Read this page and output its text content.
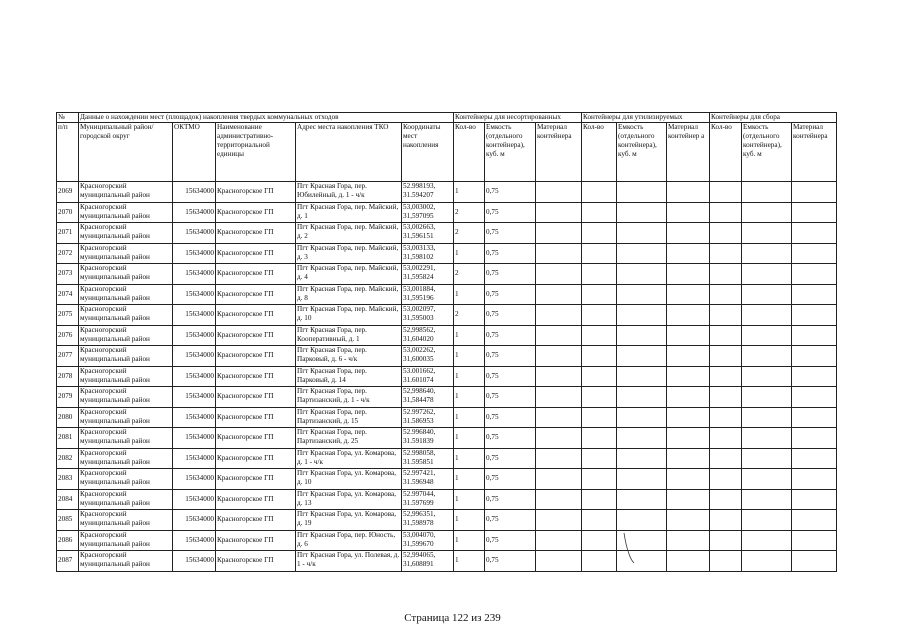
№	Данные о нахождении мест (площадок) накопления твердых коммунальных отходов					Контейнеры для несортированных			Контейнеры для утилизируемых			Контейнеры для сбора		
п/п	Муниципальный район/городской округ	ОКТМО	Наименование административно-территориальной единицы	Адрес места накопления ТКО	Координаты мест накопления	Кол-во	Емкость (отдельного контейнера), куб. м	Материал контейнера	Кол-во	Емкость (отдельного контейнера), куб. м	Материал контейнер а	Кол-во	Емкость (отдельного контейнера), куб. м	Материал контейнера
2069	Красногорский муниципальный район	15634000	Красногорское ГП	Пгт Красная Гора, пер. Юбилейный, д. 1 - ч/к	52.998193, 31.594207	1	0,75							
2070	Красногорский муниципальный район	15634000	Красногорское ГП	Пгт Красная Гора, пер. Майский, д. 1	53,003002, 31,597095	2	0,75							
2071	Красногорский муниципальный район	15634000	Красногорское ГП	Пгт Красная Гора, пер. Майский, д. 2	53,002663, 31,596151	2	0,75							
2072	Красногорский муниципальный район	15634000	Красногорское ГП	Пгт Красная Гора, пер. Майский, д. 3	53,003133, 31,598102	1	0,75							
2073	Красногорский муниципальный район	15634000	Красногорское ГП	Пгт Красная Гора, пер. Майский, д. 4	53,002291, 31,595824	2	0,75							
2074	Красногорский муниципальный район	15634000	Красногорское ГП	Пгт Красная Гора, пер. Майский, д. 8	53,001884, 31,595196	1	0,75							
2075	Красногорский муниципальный район	15634000	Красногорское ГП	Пгт Красная Гора, пер. Майский, д. 10	53,002097, 31,595003	2	0,75							
2076	Красногорский муниципальный район	15634000	Красногорское ГП	Пгт Красная Гора, пер. Кооперативный, д. 1	52,998562, 31,604020	1	0,75							
2077	Красногорский муниципальный район	15634000	Красногорское ГП	Пгт Красная Гора, пер. Парковый, д. 6 - ч/к	53,002262, 31,600035	1	0,75							
2078	Красногорский муниципальный район	15634000	Красногорское ГП	Пгт Красная Гора, пер. Парковый, д. 14	53.001662, 31.601074	1	0,75							
2079	Красногорский муниципальный район	15634000	Красногорское ГП	Пгт Красная Гора, пер. Партизанский, д. 1 - ч/к	52,998640, 31,584478	1	0,75							
2080	Красногорский муниципальный район	15634000	Красногорское ГП	Пгт Красная Гора, пер. Партизанский, д. 15	52.997262, 31.586953	1	0,75							
2081	Красногорский муниципальный район	15634000	Красногорское ГП	Пгт Красная Гора, пер. Партизанский, д. 25	52.996840, 31.591839	1	0,75							
2082	Красногорский муниципальный район	15634000	Красногорское ГП	Пгт Красная Гора, ул. Комарова, д. 1 - ч/к	52.998058, 31.595851	1	0,75							
2083	Красногорский муниципальный район	15634000	Красногорское ГП	Пгт Красная Гора, ул. Комарова, д. 10	52.997421, 31.596948	1	0,75							
2084	Красногорский муниципальный район	15634000	Красногорское ГП	Пгт Красная Гора, ул. Комарова, д. 13	52.997044, 31.597699	1	0,75							
2085	Красногорский муниципальный район	15634000	Красногорское ГП	Пгт Красная Гора, ул. Комарова, д. 19	52,996351, 31,598978	1	0,75							
2086	Красногорский муниципальный район	15634000	Красногорское ГП	Пгт Красная Гора, пер. Юность, д. 6	53,004070, 31,599670	1	0,75							
2087	Красногорский муниципальный район	15634000	Красногорское ГП	Пгт Красная Гора, ул. Полевая, д. 1 - ч/к	52,994065, 31,608891	1	0,75							
Страница 122 из 239
